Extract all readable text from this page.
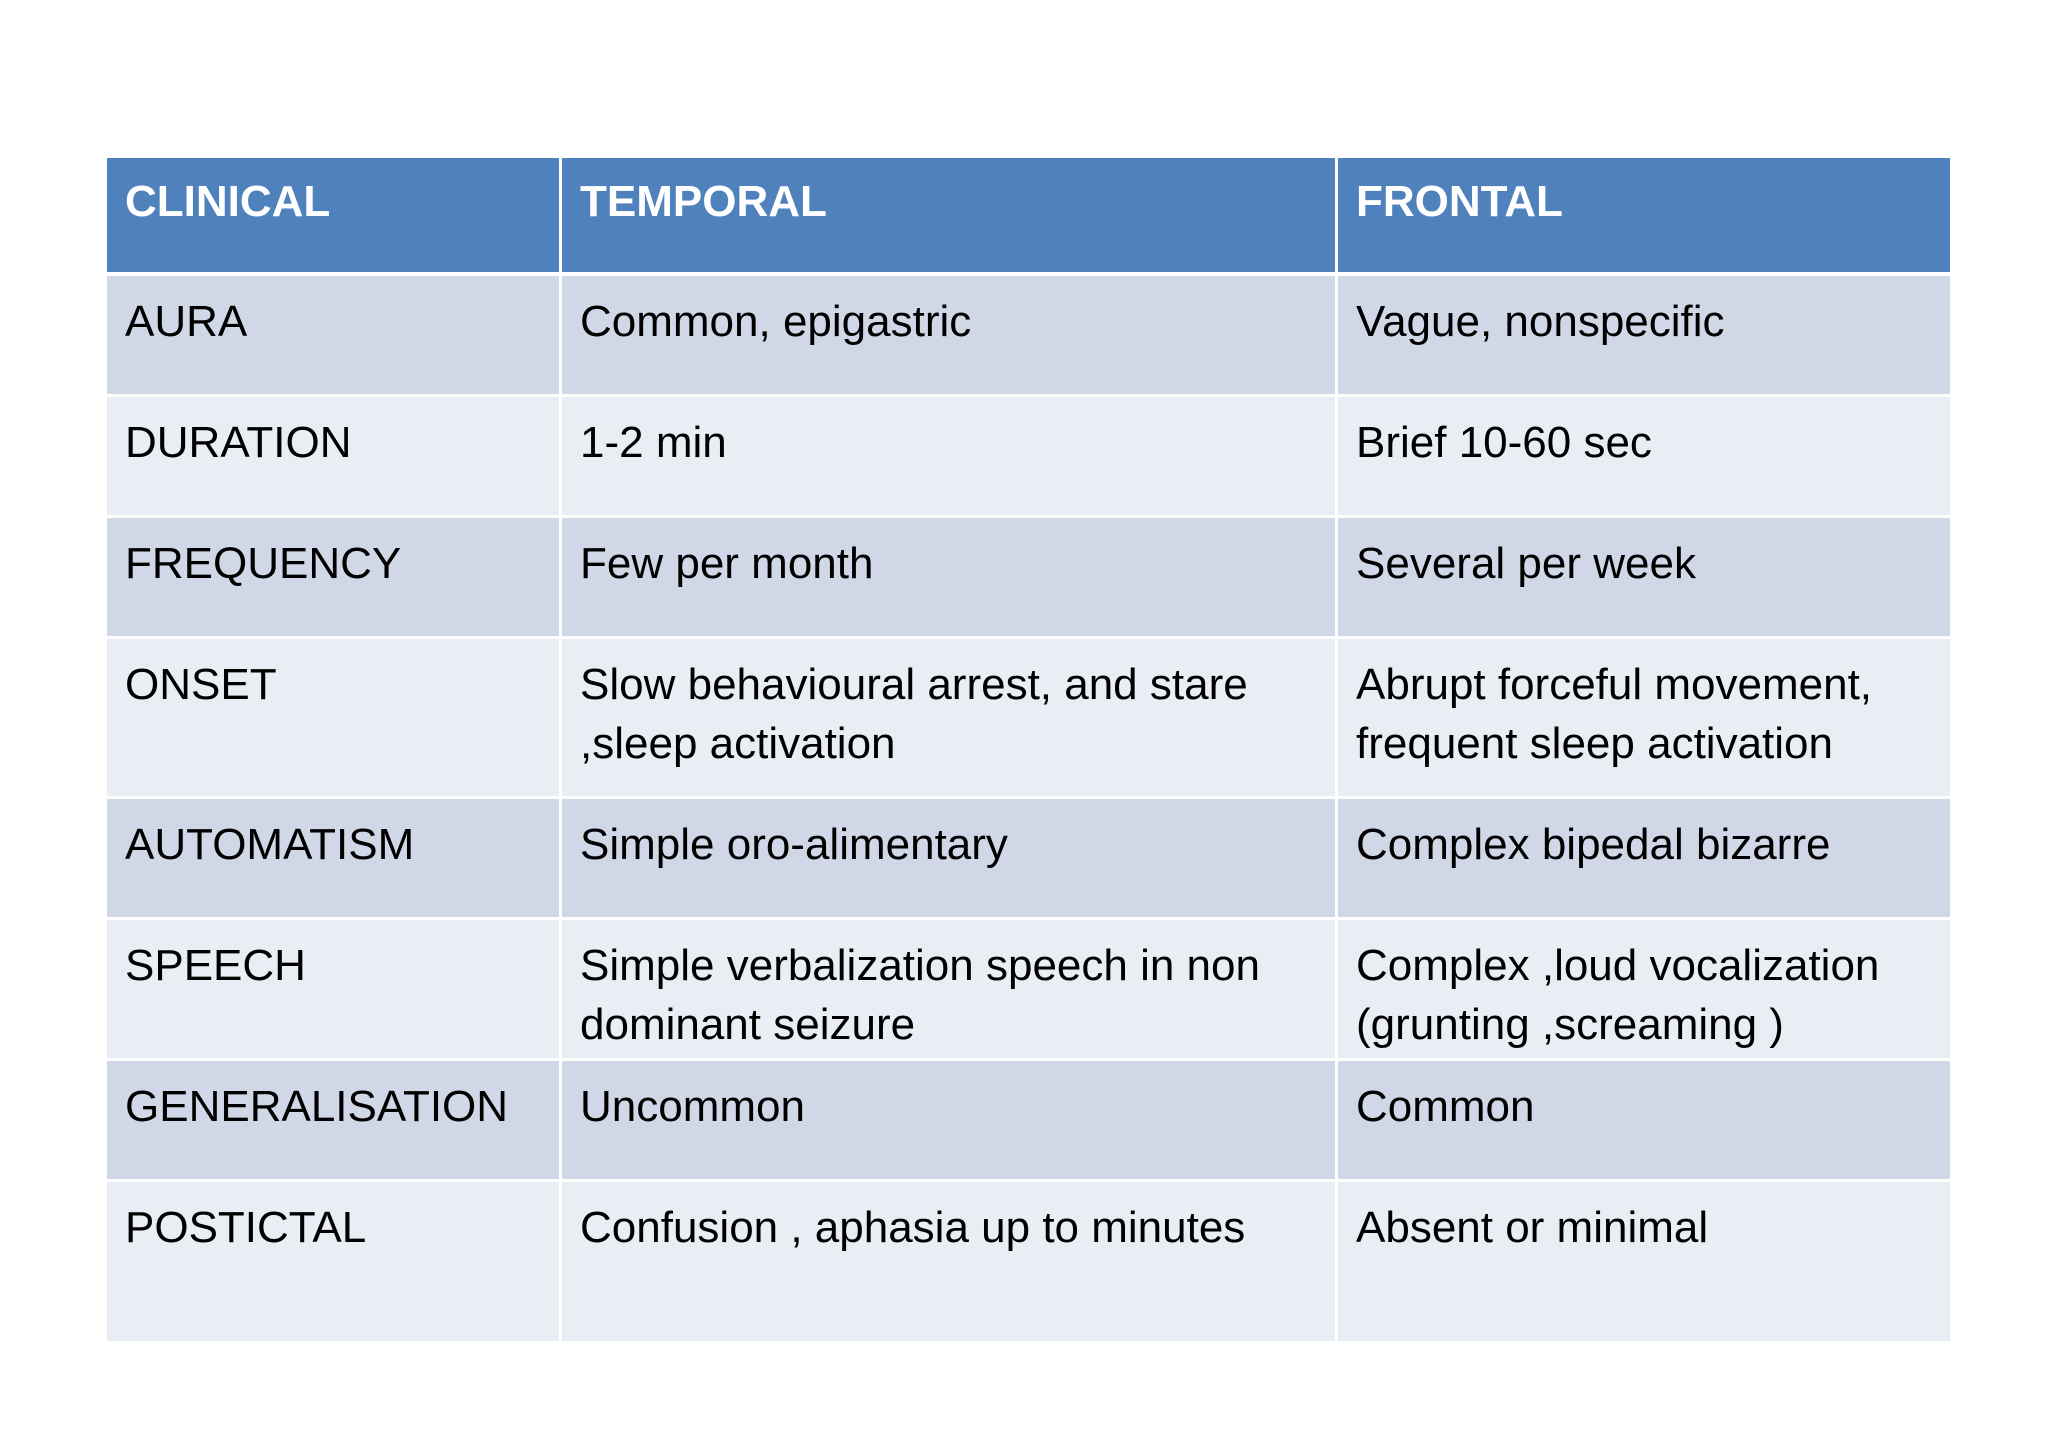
CLINICAL	TEMPORAL	FRONTAL
AURA	Common, epigastric	Vague, nonspecific
DURATION	1-2 min	Brief 10-60 sec
FREQUENCY	Few per month	Several per week
ONSET	Slow behavioural arrest, and stare ,sleep activation	Abrupt forceful movement, frequent sleep activation
AUTOMATISM	Simple oro-alimentary	Complex bipedal bizarre
SPEECH	Simple verbalization speech in non dominant seizure	Complex ,loud vocalization (grunting ,screaming )
GENERALISATION	Uncommon	Common
POSTICTAL	Confusion , aphasia up to minutes	Absent or minimal
